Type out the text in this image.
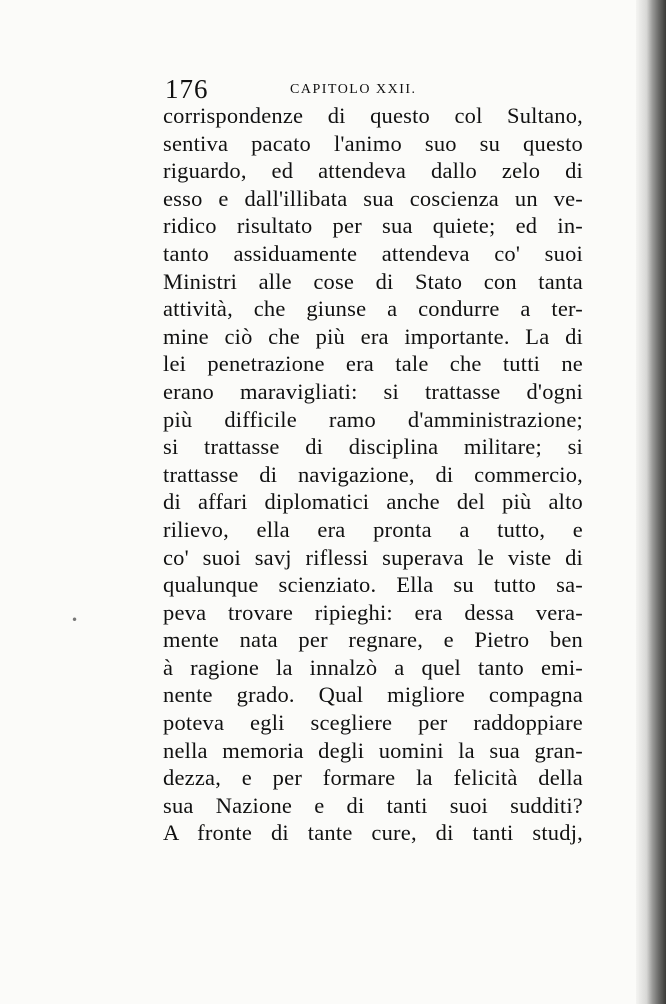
176	CAPITOLO XXII.
corrispondenze di questo col Sultano,
sentiva pacato l'animo suo su questo
riguardo, ed attendeva dallo zelo di
esso e dall'illibata sua coscienza un ve-
ridico risultato per sua quiete; ed in-
tanto assiduamente attendeva co' suoi
Ministri alle cose di Stato con tanta
attività, che giunse a condurre a ter-
mine ciò che più era importante. La di
lei penetrazione era tale che tutti ne
erano maravigliati: si trattasse d'ogni
più difficile ramo d'amministrazione;
si trattasse di disciplina militare; si
trattasse di navigazione, di commercio,
di affari diplomatici anche del più alto
rilievo, ella era pronta a tutto, e
co' suoi savj riflessi superava le viste di
qualunque scienziato. Ella su tutto sa-
peva trovare ripieghi: era dessa vera-
mente nata per regnare, e Pietro ben
à ragione la innalzò a quel tanto emi-
nente grado. Qual migliore compagna
poteva egli scegliere per raddoppiare
nella memoria degli uomini la sua gran-
dezza, e per formare la felicità della
sua Nazione e di tanti suoi sudditi?
A fronte di tante cure, di tanti studj,
•
